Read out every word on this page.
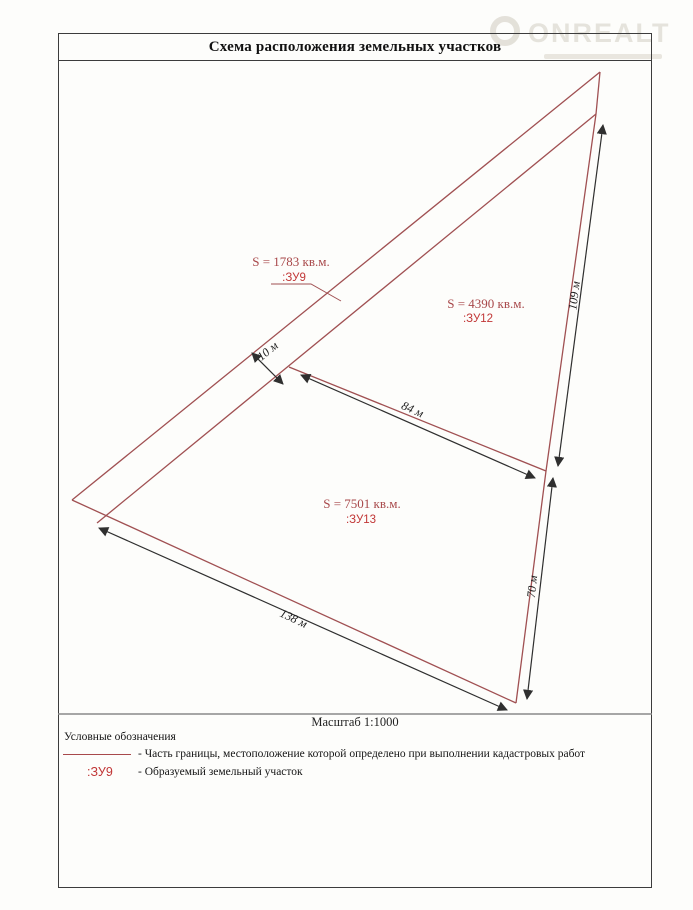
ONREALT
Схема расположения земельных участков
10 м
84 м
109 м
70 м
138 м
S = 1783 кв.м.
:ЗУ9
S = 4390 кв.м.
:ЗУ12
S = 7501 кв.м.
:ЗУ13
Масштаб 1:1000
Условные обозначения
- Часть границы, местоположение которой определено при выполнении кадастровых работ
:ЗУ9 - Образуемый земельный участок
